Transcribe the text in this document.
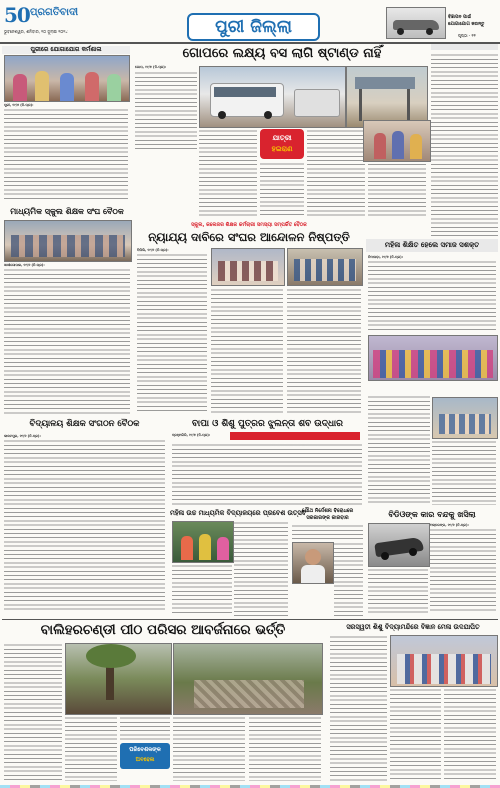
50 ପ୍ରଗତିବାଦୀ
ଭୁବନେଶ୍ୱର, ଶନିବାର, ୨୦ ଜୁଲାଇ ୨୦୨୪	ପୁରୀ ଜିଲ୍ଲା	ବିଜ୍ଞାପନ ପାଇଁ
ଯୋଗାଯୋଗ କରନ୍ତୁ
ପୃଷ୍ଠା - ୧୧
ପୁରୀରେ ଯୋଗାଯୋଗ କର୍ମଶାଳା
ପୁରୀ, ୧୯/୭ (ନି.ପ୍ର):
ଗୋପରେ ଲକ୍ଷ୍ୟ ବସ ଲାଗି ଷ୍ଟାଣ୍ଡ ନାହିଁ
ଗୋପ, ୧୯/୭ (ନି.ପ୍ର):
ଯାତ୍ରୀ
ହଇରାଣ
ମାଧ୍ୟମିକ ସ୍କୁଲ ଶିକ୍ଷକ ସଂଘ ବୈଠକ
ସାଖୀଗୋପାଳ, ୧୯/୭ (ନି.ପ୍ର):
ସ୍କୁଲ, କଲେଜର ଶିକ୍ଷକ କର୍ମଚାରୀ ସମସ୍ୟା ସମ୍ପର୍କିତ ବୈଠକ
ନ୍ୟାଯ୍ୟ ଦାବିରେ ସଂଘର ଆନ୍ଦୋଳନ ନିଷ୍ପତ୍ତି
ପିପିଲି, ୧୯/୭ (ନି.ପ୍ର):
ମହିଳା ଶିକ୍ଷିତ ହେଲେ ସମାଜ ସଶକ୍ତ
ନିମାପଡ଼ା, ୧୯/୭ (ନି.ପ୍ର):
ବିଦ୍ୟାଳୟ ଶିକ୍ଷକ ସଂଗଠନ ବୈଠକ
କାକଟପୁର, ୧୯/୭ (ନି.ପ୍ର):
ବାପା ଓ ଶିଶୁ ପୁତ୍ରର ଝୁଲନ୍ତା ଶବ ଉଦ୍ଧାର
ବ୍ରହ୍ମଗିରି, ୧୯/୭ (ନି.ପ୍ର):
ଯୌଥ ନିର୍ଦ୍ଦେଶନା ବିରୋଧରେ ସରକାରଙ୍କ କାରବାର
ମହିଳା ଉଚ୍ଚ ମାଧ୍ୟମିକ ବିଦ୍ୟାଳୟରେ ପ୍ରବେଶ ଉତ୍ସବ	ବିଡିଓଙ୍କ କାର ବନ୍ଦକୁ ଖସିଲା
ଅସ୍ତରଙ୍ଗ, ୧୯/୭ (ନି.ପ୍ର):
ବାଲିହରଚଣ୍ଡୀ ପୀଠ ପରିସର ଆବର୍ଜନାରେ ଭର୍ତ୍ତି
ପରିବେଶକଙ୍କ
ଅବହେଳା
ସରସ୍ୱତୀ ଶିଶୁ ବିଦ୍ୟାମନ୍ଦିରେ ବିଜ୍ଞାନ ମେଳା ଉଦଯାପିତ
